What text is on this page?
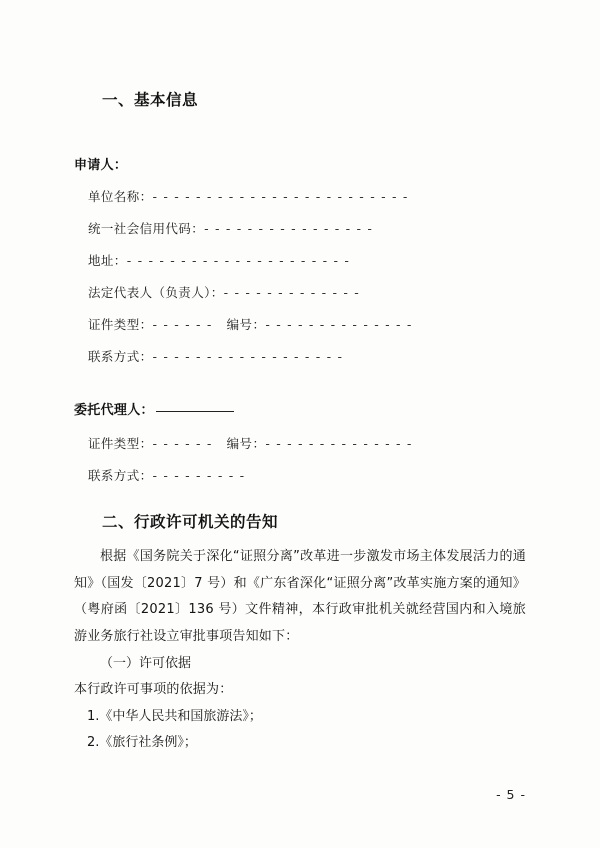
一、基本信息
申请人：
单位名称：- - - - - - - - - - - - - - - - - - - - - - - -
统一社会信用代码：- - - - - - - - - - - - - - - -
地址：- - - - - - - - - - - - - - - - - - - - -
法定代表人（负责人）：- - - - - - - - - - - - -
证件类型：- - - - - - 编号：- - - - - - - - - - - - - -
联系方式：- - - - - - - - - - - - - - - - - -
委托代理人：
证件类型：- - - - - - 编号：- - - - - - - - - - - - - -
联系方式：- - - - - - - - -
二、行政许可机关的告知

根据《国务院关于深化“证照分离”改革进一步激发市场主体发展活力的通知》（国发〔2021〕7 号）和《广东省深化“证照分离”改革实施方案的通知》（粤府函〔2021〕136 号）文件精神，本行政审批机关就经营国内和入境旅游业务旅行社设立审批事项告知如下：

（一）许可依据

本行政许可事项的依据为：

1.《中华人民共和国旅游法》；

2.《旅行社条例》；

- 5 -
